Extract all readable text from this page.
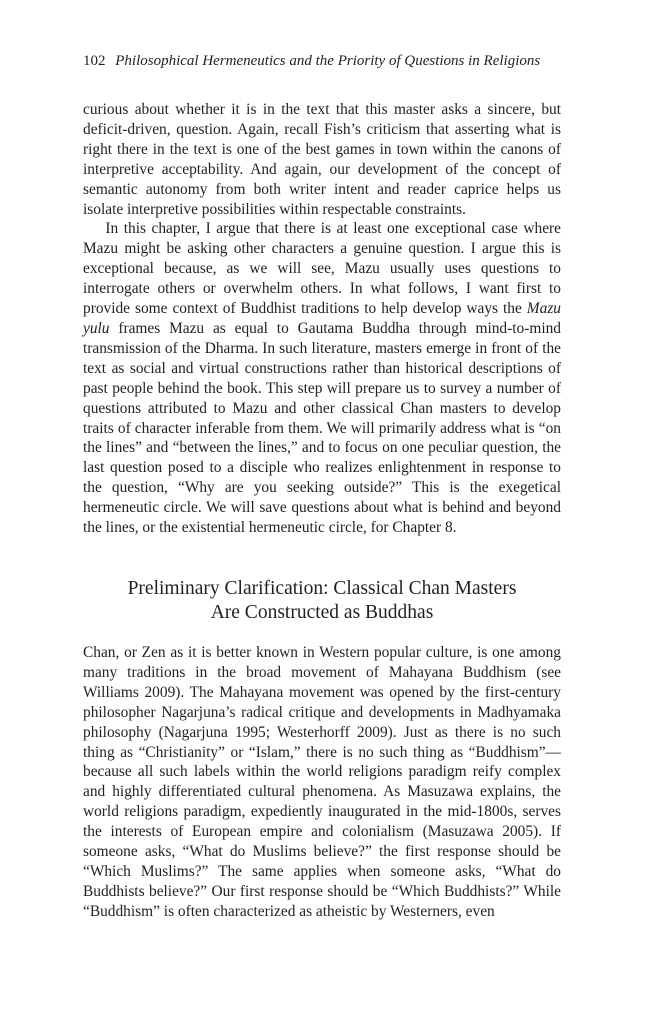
102 Philosophical Hermeneutics and the Priority of Questions in Religions

curious about whether it is in the text that this master asks a sincere, but deficit-driven, question. Again, recall Fish’s criticism that asserting what is right there in the text is one of the best games in town within the canons of interpretive acceptability. And again, our development of the concept of semantic autonomy from both writer intent and reader caprice helps us isolate interpretive possibilities within respectable constraints.

In this chapter, I argue that there is at least one exceptional case where Mazu might be asking other characters a genuine question. I argue this is exceptional because, as we will see, Mazu usually uses questions to interrogate others or overwhelm others. In what follows, I want first to provide some context of Buddhist traditions to help develop ways the Mazu yulu frames Mazu as equal to Gautama Buddha through mind-to-mind transmission of the Dharma. In such literature, masters emerge in front of the text as social and virtual constructions rather than historical descriptions of past people behind the book. This step will prepare us to survey a number of questions attributed to Mazu and other classical Chan masters to develop traits of character inferable from them. We will primarily address what is “on the lines” and “between the lines,” and to focus on one peculiar question, the last question posed to a disciple who realizes enlightenment in response to the question, “Why are you seeking outside?” This is the exegetical hermeneutic circle. We will save questions about what is behind and beyond the lines, or the existential hermeneutic circle, for Chapter 8.

Preliminary Clarification: Classical Chan Masters
Are Constructed as Buddhas

Chan, or Zen as it is better known in Western popular culture, is one among many traditions in the broad movement of Mahayana Buddhism (see Williams 2009). The Mahayana movement was opened by the first-century philosopher Nagarjuna’s radical critique and developments in Madhyamaka philosophy (Nagarjuna 1995; Westerhorff 2009). Just as there is no such thing as “Christianity” or “Islam,” there is no such thing as “Buddhism”—because all such labels within the world religions paradigm reify complex and highly differentiated cultural phenomena. As Masuzawa explains, the world religions paradigm, expediently inaugurated in the mid-1800s, serves the interests of European empire and colonialism (Masuzawa 2005). If someone asks, “What do Muslims believe?” the first response should be “Which Muslims?” The same applies when someone asks, “What do Buddhists believe?” Our first response should be “Which Buddhists?” While “Buddhism” is often characterized as atheistic by Westerners, even
